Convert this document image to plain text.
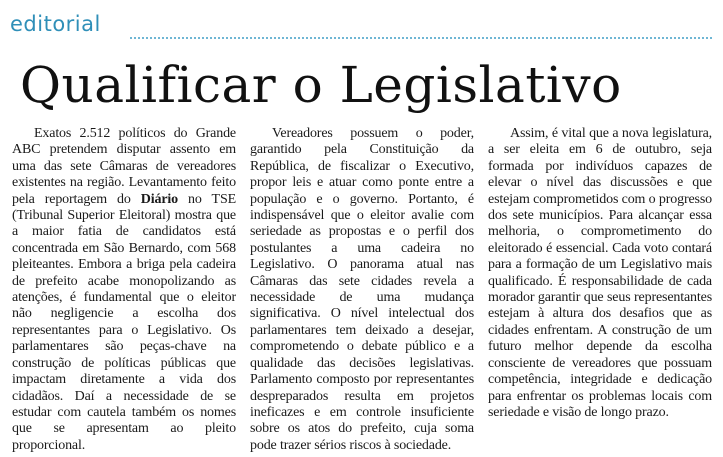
editorial
Qualificar o Legislativo

Exatos 2.512 políticos do Grande ABC pretendem disputar assento em uma das sete Câmaras de vereadores existentes na região. Levantamento feito pela reportagem do Diário no TSE (Tribunal Superior Eleitoral) mostra que a maior fatia de candidatos está concentrada em São Bernardo, com 568 pleiteantes. Embora a briga pela cadeira de prefeito acabe monopolizando as atenções, é fundamental que o eleitor não negligencie a escolha dos representantes para o Legislativo. Os parlamentares são peças-chave na construção de políticas públicas que impactam diretamente a vida dos cidadãos. Daí a necessidade de se estudar com cautela também os nomes que se apresentam ao pleito proporcional.

Vereadores possuem o poder, garantido pela Constituição da República, de fiscalizar o Executivo, propor leis e atuar como ponte entre a população e o governo. Portanto, é indispensável que o eleitor avalie com seriedade as propostas e o perfil dos postulantes a uma cadeira no Legislativo. O panorama atual nas Câmaras das sete cidades revela a necessidade de uma mudança significativa. O nível intelectual dos parlamentares tem deixado a desejar, comprometendo o debate público e a qualidade das decisões legislativas. Parlamento composto por representantes despreparados resulta em projetos ineficazes e em controle insuficiente sobre os atos do prefeito, cuja soma pode trazer sérios riscos à sociedade.

Assim, é vital que a nova legislatura, a ser eleita em 6 de outubro, seja formada por indivíduos capazes de elevar o nível das discussões e que estejam comprometidos com o progresso dos sete municípios. Para alcançar essa melhoria, o comprometimento do eleitorado é essencial. Cada voto contará para a formação de um Legislativo mais qualificado. É responsabilidade de cada morador garantir que seus representantes estejam à altura dos desafios que as cidades enfrentam. A construção de um futuro melhor depende da escolha consciente de vereadores que possuam competência, integridade e dedicação para enfrentar os problemas locais com seriedade e visão de longo prazo.
